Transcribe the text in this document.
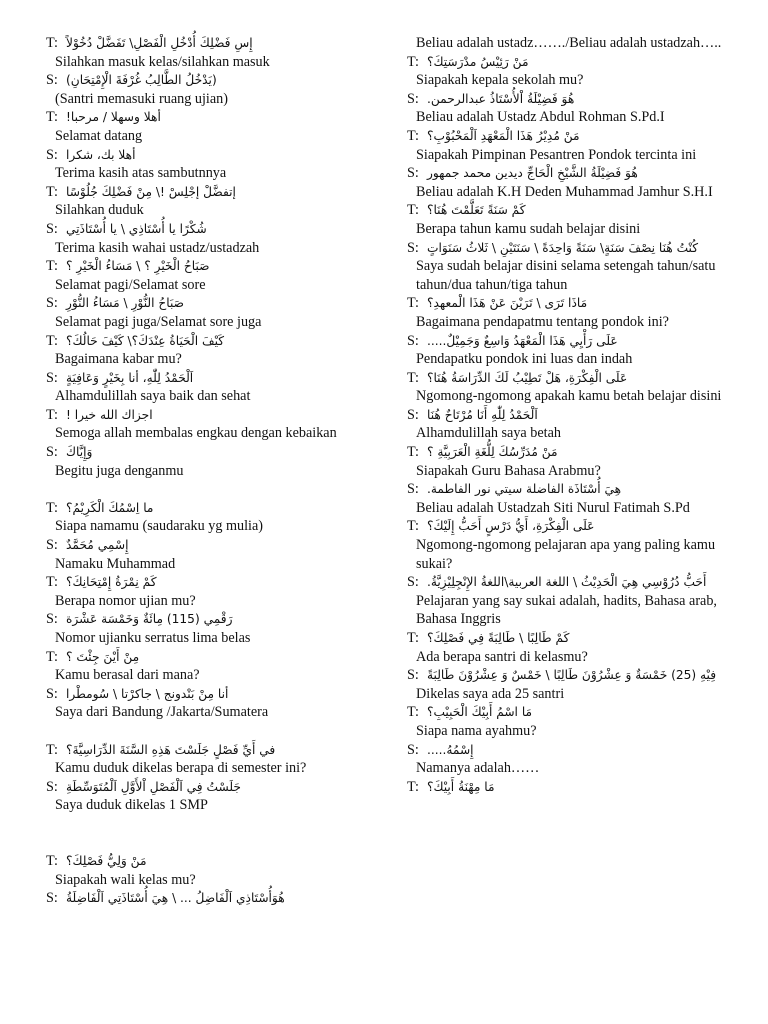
T: إِسِ فَضْلِكَ أُدْخُلِ الْفَصْلِ\ تَفَضَّلْ دُخُوْلاً
Silahkan masuk kelas/silahkan masuk
S: (يَدْخُلُ الطَّالِبُ غُرْفَةَ الْإِمْتِحَانِ)
(Santri memasuki ruang ujian)
T: أهلا وسهلا / مرحبا!
Selamat datang
S: أهلا بك، شكرا
Terima kasih atas sambutnnya
T: إتفضَّلْ إجْلِسْ !\ مِنْ فَضْلِكَ جُلُوْسًا
Silahkan duduk
S: شُكْرًا يا أُسْتَاذِي \ يا أُسْتَاذَتِي
Terima kasih wahai ustadz/ustadzah
T: صَبَاحُ الْخَيْرِ ؟ \ مَسَاءُ الْخَيْرِ ؟
Selamat pagi/Selamat sore
S: صَبَاحُ النُّوْرِ \ مَسَاءُ النُّوْرِ
Selamat pagi juga/Selamat sore juga
T: كَيْفَ الْحَيَاةُ عِنْدَكَ؟\ كَيْفَ حَالُكَ؟
Bagaimana kabar mu?
S: اَلْحَمْدُ لِلّٰهِ، أنا بِخَيْرٍ وَعَافِيَةٍ
Alhamdulillah saya baik dan sehat
T: اجزاك الله خيرا !
Semoga allah membalas engkau dengan kebaikan
S: وَإِيَّاكَ
Begitu juga denganmu
T: ما اِسْمُكَ الْكَرِيْمُ؟
Siapa namamu (saudaraku yg mulia)
S: إِسْمِي مُحَمَّدٌ
Namaku Muhammad
T: كَمْ نِمْرَةُ إِمْتِحَانِكَ؟
Berapa nomor ujian mu?
S: رَقْمِي (115) مِائَةٌ وَخَمْسَة عَشْرَة
Nomor ujianku serratus lima belas
T: مِنْ أَيْنَ جِئْتَ ؟
Kamu berasal dari mana?
S: أنا مِنْ بَنْدونج \ جاكرْتا \ سُومطْرا
Saya dari Bandung /Jakarta/Sumatera
T: في أَيِّ فَصْلٍ جَلَسْتَ هَذِهِ السَّنَةَ الدِّرَاسِيَّةَ؟
Kamu duduk dikelas berapa di semester ini?
S: جَلَسْتُ فِي اَلْفَصْلِ اْلأَوَّلِ اَلْمُتَوَسِّطَةِ
Saya duduk dikelas 1 SMP
T: مَنْ وَلِيُّ فَصْلِكَ؟
Siapakah wali kelas mu?
S: هُوَأُسْتَاذِي اَلْفَاضِلُ ... \ هِيَ أُسْتَاذَتِي اَلْفَاضِلَةُ
Beliau adalah ustadz……./Beliau adalah ustadzah…..
T: مَنْ رَئِيْسُ مدْرَسَتِكَ؟
Siapakah kepala sekolah mu?
S: هُوَ فَضِيْلَةُ اْلأُسْتَاذُ عبدالرحمن.
Beliau adalah Ustadz Abdul Rohman S.Pd.I
T: مَنْ مُدِيْرُ هَذَا الْمَعْهَدِ اَلْمَحْبُوْبِ؟
Siapakah Pimpinan Pesantren Pondok tercinta ini
S: هُوَ فَضِيْلَةُ الشَّيْخِ الْحَاجِّ ديدين محمد جمهور
Beliau adalah K.H Deden Muhammad Jamhur S.H.I
T: كَمْ سَنَةً تَعَلَّمْتَ هُنَا؟
Berapa tahun kamu sudah belajar disini
S: كُنْتُ هُنَا نِصْفَ سَنَةٍ\ سَنَةً وَاحِدَةً \ سَنَتَيْنِ \ ثَلاثُ سَنَوَاتٍ
Saya sudah belajar disini selama setengah tahun/satu tahun/dua tahun/tiga tahun
T: مَاذَا تَرَى \ تَرَيْنَ عَنْ هَذَا الْمعهدِ؟
Bagaimana pendapatmu tentang pondok ini?
S: عَلَى رَأْيِي هَذَا الْمَعْهَدُ وَاسِعٌ وَجَمِيْلٌ.....
Pendapatku pondok ini luas dan indah
T: عَلَى الْفِكْرَةِ، هَلْ تَطِيْبُ لَكَ الدِّرَاسَةُ هُنَا؟
Ngomong-ngomong apakah kamu betah belajar disini
S: اَلْحَمْدُ لِلّٰهِ أَنَا مُرْتَاحٌ هُنَا
Alhamdulillah saya betah
T: مَنْ مُدَرِّسُكَ لِلُّغَةِ الْعَرَبِيَّةِ ؟
Siapakah Guru Bahasa Arabmu?
S: هِيَ أُسْتَاذَة الفاضلة سيتي نور الفاطمة.
Beliau adalah Ustadzah Siti Nurul Fatimah S.Pd
T: عَلَى الْفِكْرَةِ، أَيُّ دَرْسٍ أَحَبُّ إِلَيْكَ؟
Ngomong-ngomong pelajaran apa yang paling kamu sukai?
S: أَحَبُّ دُرُوْسِي هِيَ الْحَدِيْثُ \ اللغة العربية\اللغةُ الإِنْجِلِيْزِيَّةُ.
Pelajaran yang say sukai adalah, hadits, Bahasa arab, Bahasa Inggris
T: كَمْ طَالِبًا \ طَالِبَةً فِي فَصْلِكَ؟
Ada berapa santri di kelasmu?
S: فِيْهِ (25) خَمْسَةٌ وَ عِشْرُوْنَ طَالِبًا \ خَمْسٌ وَ عِشْرُوْنَ طَالِبَةً
Dikelas saya ada 25 santri
T: مَا اسْمُ أَبِيْكَ الْحَبِيْبِ؟
Siapa nama ayahmu?
S: إِسْمُهُ.....
Namanya adalah……
T: مَا مِهْنَةُ أَبِيْكَ؟
